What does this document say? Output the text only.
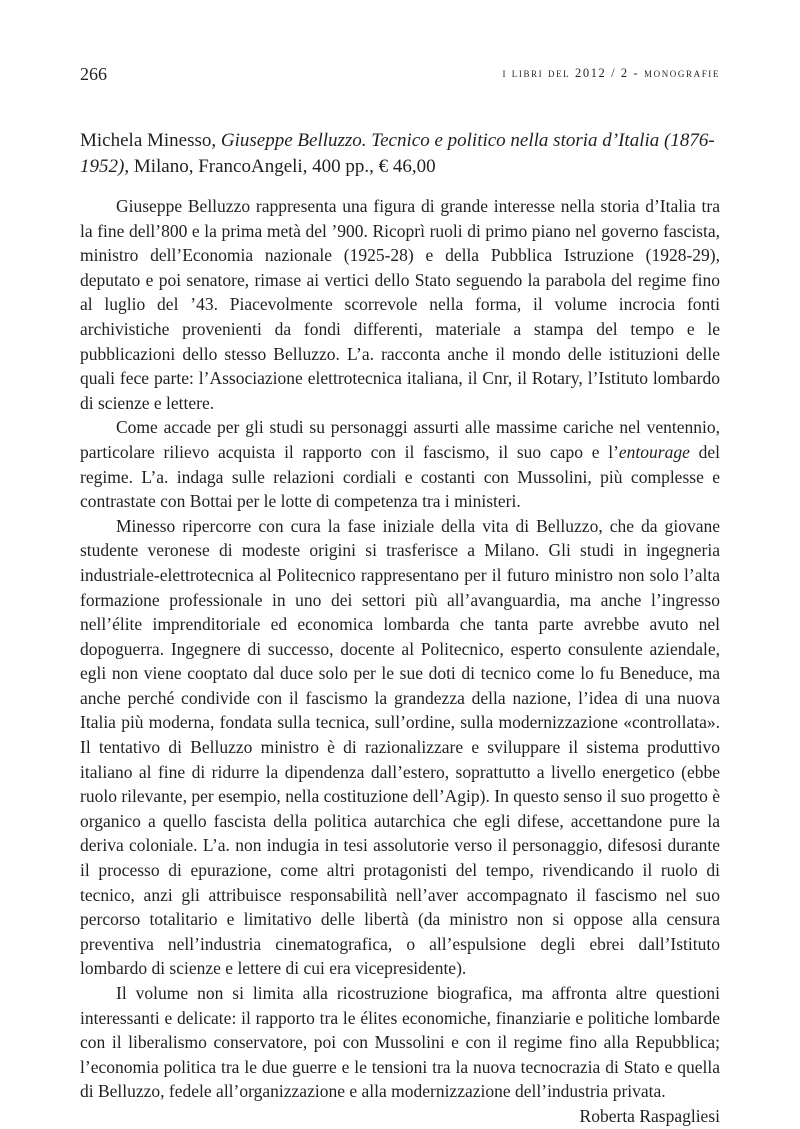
266	i libri del 2012 / 2 - monografie

Michela Minesso, Giuseppe Belluzzo. Tecnico e politico nella storia d’Italia (1876-1952), Milano, FrancoAngeli, 400 pp., € 46,00

Giuseppe Belluzzo rappresenta una figura di grande interesse nella storia d’Italia tra la fine dell’800 e la prima metà del ’900. Ricoprì ruoli di primo piano nel governo fascista, ministro dell’Economia nazionale (1925-28) e della Pubblica Istruzione (1928-29), deputato e poi senatore, rimase ai vertici dello Stato seguendo la parabola del regime fino al luglio del ’43. Piacevolmente scorrevole nella forma, il volume incrocia fonti archivistiche provenienti da fondi differenti, materiale a stampa del tempo e le pubblicazioni dello stesso Belluzzo. L’a. racconta anche il mondo delle istituzioni delle quali fece parte: l’Associazione elettrotecnica italiana, il Cnr, il Rotary, l’Istituto lombardo di scienze e lettere.

Come accade per gli studi su personaggi assurti alle massime cariche nel ventennio, particolare rilievo acquista il rapporto con il fascismo, il suo capo e l’entourage del regime. L’a. indaga sulle relazioni cordiali e costanti con Mussolini, più complesse e contrastate con Bottai per le lotte di competenza tra i ministeri.

Minesso ripercorre con cura la fase iniziale della vita di Belluzzo, che da giovane studente veronese di modeste origini si trasferisce a Milano. Gli studi in ingegneria industriale-elettrotecnica al Politecnico rappresentano per il futuro ministro non solo l’alta formazione professionale in uno dei settori più all’avanguardia, ma anche l’ingresso nell’élite imprenditoriale ed economica lombarda che tanta parte avrebbe avuto nel dopoguerra. Ingegnere di successo, docente al Politecnico, esperto consulente aziendale, egli non viene cooptato dal duce solo per le sue doti di tecnico come lo fu Beneduce, ma anche perché condivide con il fascismo la grandezza della nazione, l’idea di una nuova Italia più moderna, fondata sulla tecnica, sull’ordine, sulla modernizzazione «controllata». Il tentativo di Belluzzo ministro è di razionalizzare e sviluppare il sistema produttivo italiano al fine di ridurre la dipendenza dall’estero, soprattutto a livello energetico (ebbe ruolo rilevante, per esempio, nella costituzione dell’Agip). In questo senso il suo progetto è organico a quello fascista della politica autarchica che egli difese, accettandone pure la deriva coloniale. L’a. non indugia in tesi assolutorie verso il personaggio, difesosi durante il processo di epurazione, come altri protagonisti del tempo, rivendicando il ruolo di tecnico, anzi gli attribuisce responsabilità nell’aver accompagnato il fascismo nel suo percorso totalitario e limitativo delle libertà (da ministro non si oppose alla censura preventiva nell’industria cinematografica, o all’espulsione degli ebrei dall’Istituto lombardo di scienze e lettere di cui era vicepresidente).

Il volume non si limita alla ricostruzione biografica, ma affronta altre questioni interessanti e delicate: il rapporto tra le élites economiche, finanziarie e politiche lombarde con il liberalismo conservatore, poi con Mussolini e con il regime fino alla Repubblica; l’economia politica tra le due guerre e le tensioni tra la nuova tecnocrazia di Stato e quella di Belluzzo, fedele all’organizzazione e alla modernizzazione dell’industria privata.

Roberta Raspagliesi
